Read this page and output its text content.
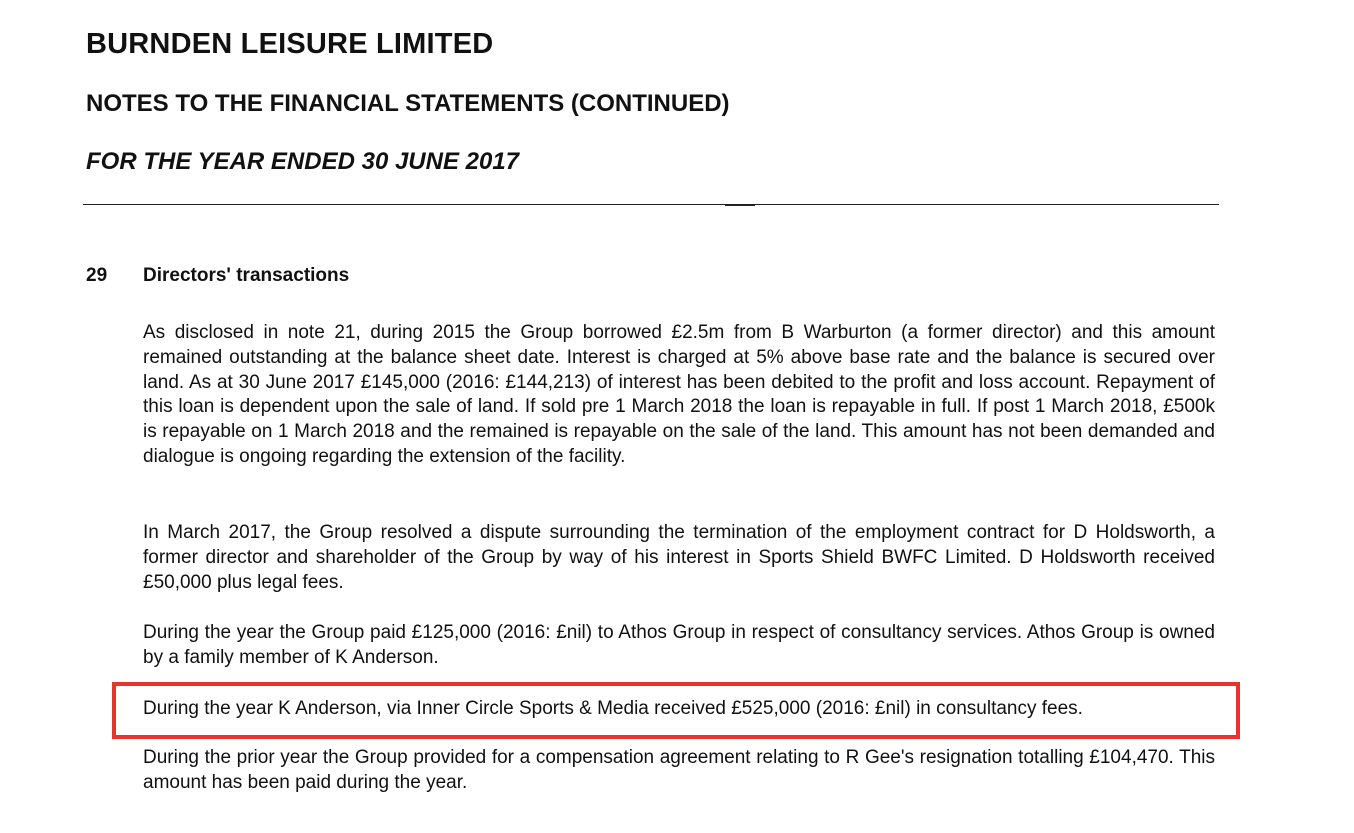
BURNDEN LEISURE LIMITED
NOTES TO THE FINANCIAL STATEMENTS (CONTINUED)
FOR THE YEAR ENDED 30 JUNE 2017
29 Directors' transactions

As disclosed in note 21, during 2015 the Group borrowed £2.5m from B Warburton (a former director) and this amount remained outstanding at the balance sheet date. Interest is charged at 5% above base rate and the balance is secured over land. As at 30 June 2017 £145,000 (2016: £144,213) of interest has been debited to the profit and loss account. Repayment of this loan is dependent upon the sale of land. If sold pre 1 March 2018 the loan is repayable in full. If post 1 March 2018, £500k is repayable on 1 March 2018 and the remained is repayable on the sale of the land. This amount has not been demanded and dialogue is ongoing regarding the extension of the facility.

In March 2017, the Group resolved a dispute surrounding the termination of the employment contract for D Holdsworth, a former director and shareholder of the Group by way of his interest in Sports Shield BWFC Limited. D Holdsworth received £50,000 plus legal fees.

During the year the Group paid £125,000 (2016: £nil) to Athos Group in respect of consultancy services. Athos Group is owned by a family member of K Anderson.

During the year K Anderson, via Inner Circle Sports & Media received £525,000 (2016: £nil) in consultancy fees.

During the prior year the Group provided for a compensation agreement relating to R Gee's resignation totalling £104,470. This amount has been paid during the year.
